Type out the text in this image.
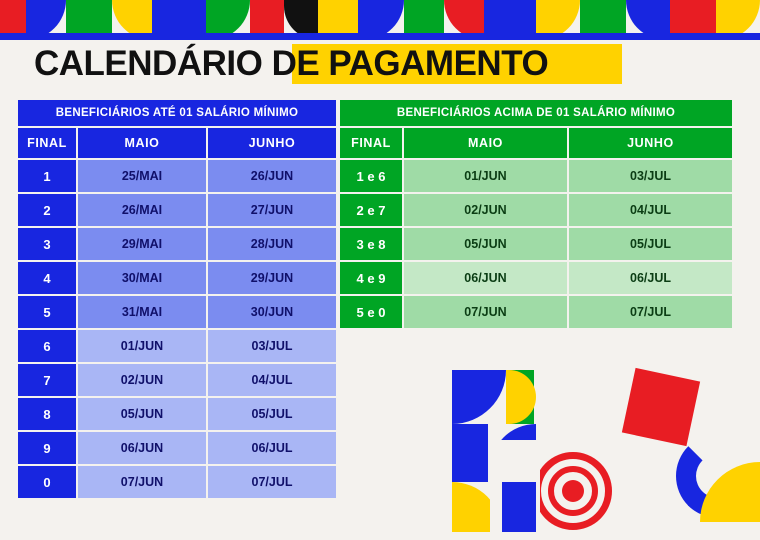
CALENDÁRIO DE PAGAMENTO
BENEFICIÁRIOS ATÉ 01 SALÁRIO MÍNIMO		
FINAL	MAIO	JUNHO
1	25/MAI	26/JUN
2	26/MAI	27/JUN
3	29/MAI	28/JUN
4	30/MAI	29/JUN
5	31/MAI	30/JUN
6	01/JUN	03/JUL
7	02/JUN	04/JUL
8	05/JUN	05/JUL
9	06/JUN	06/JUL
0	07/JUN	07/JUL
BENEFICIÁRIOS ACIMA DE 01 SALÁRIO MÍNIMO		
FINAL	MAIO	JUNHO
1 e 6	01/JUN	03/JUL
2 e 7	02/JUN	04/JUL
3 e 8	05/JUN	05/JUL
4 e 9	06/JUN	06/JUL
5 e 0	07/JUN	07/JUL
